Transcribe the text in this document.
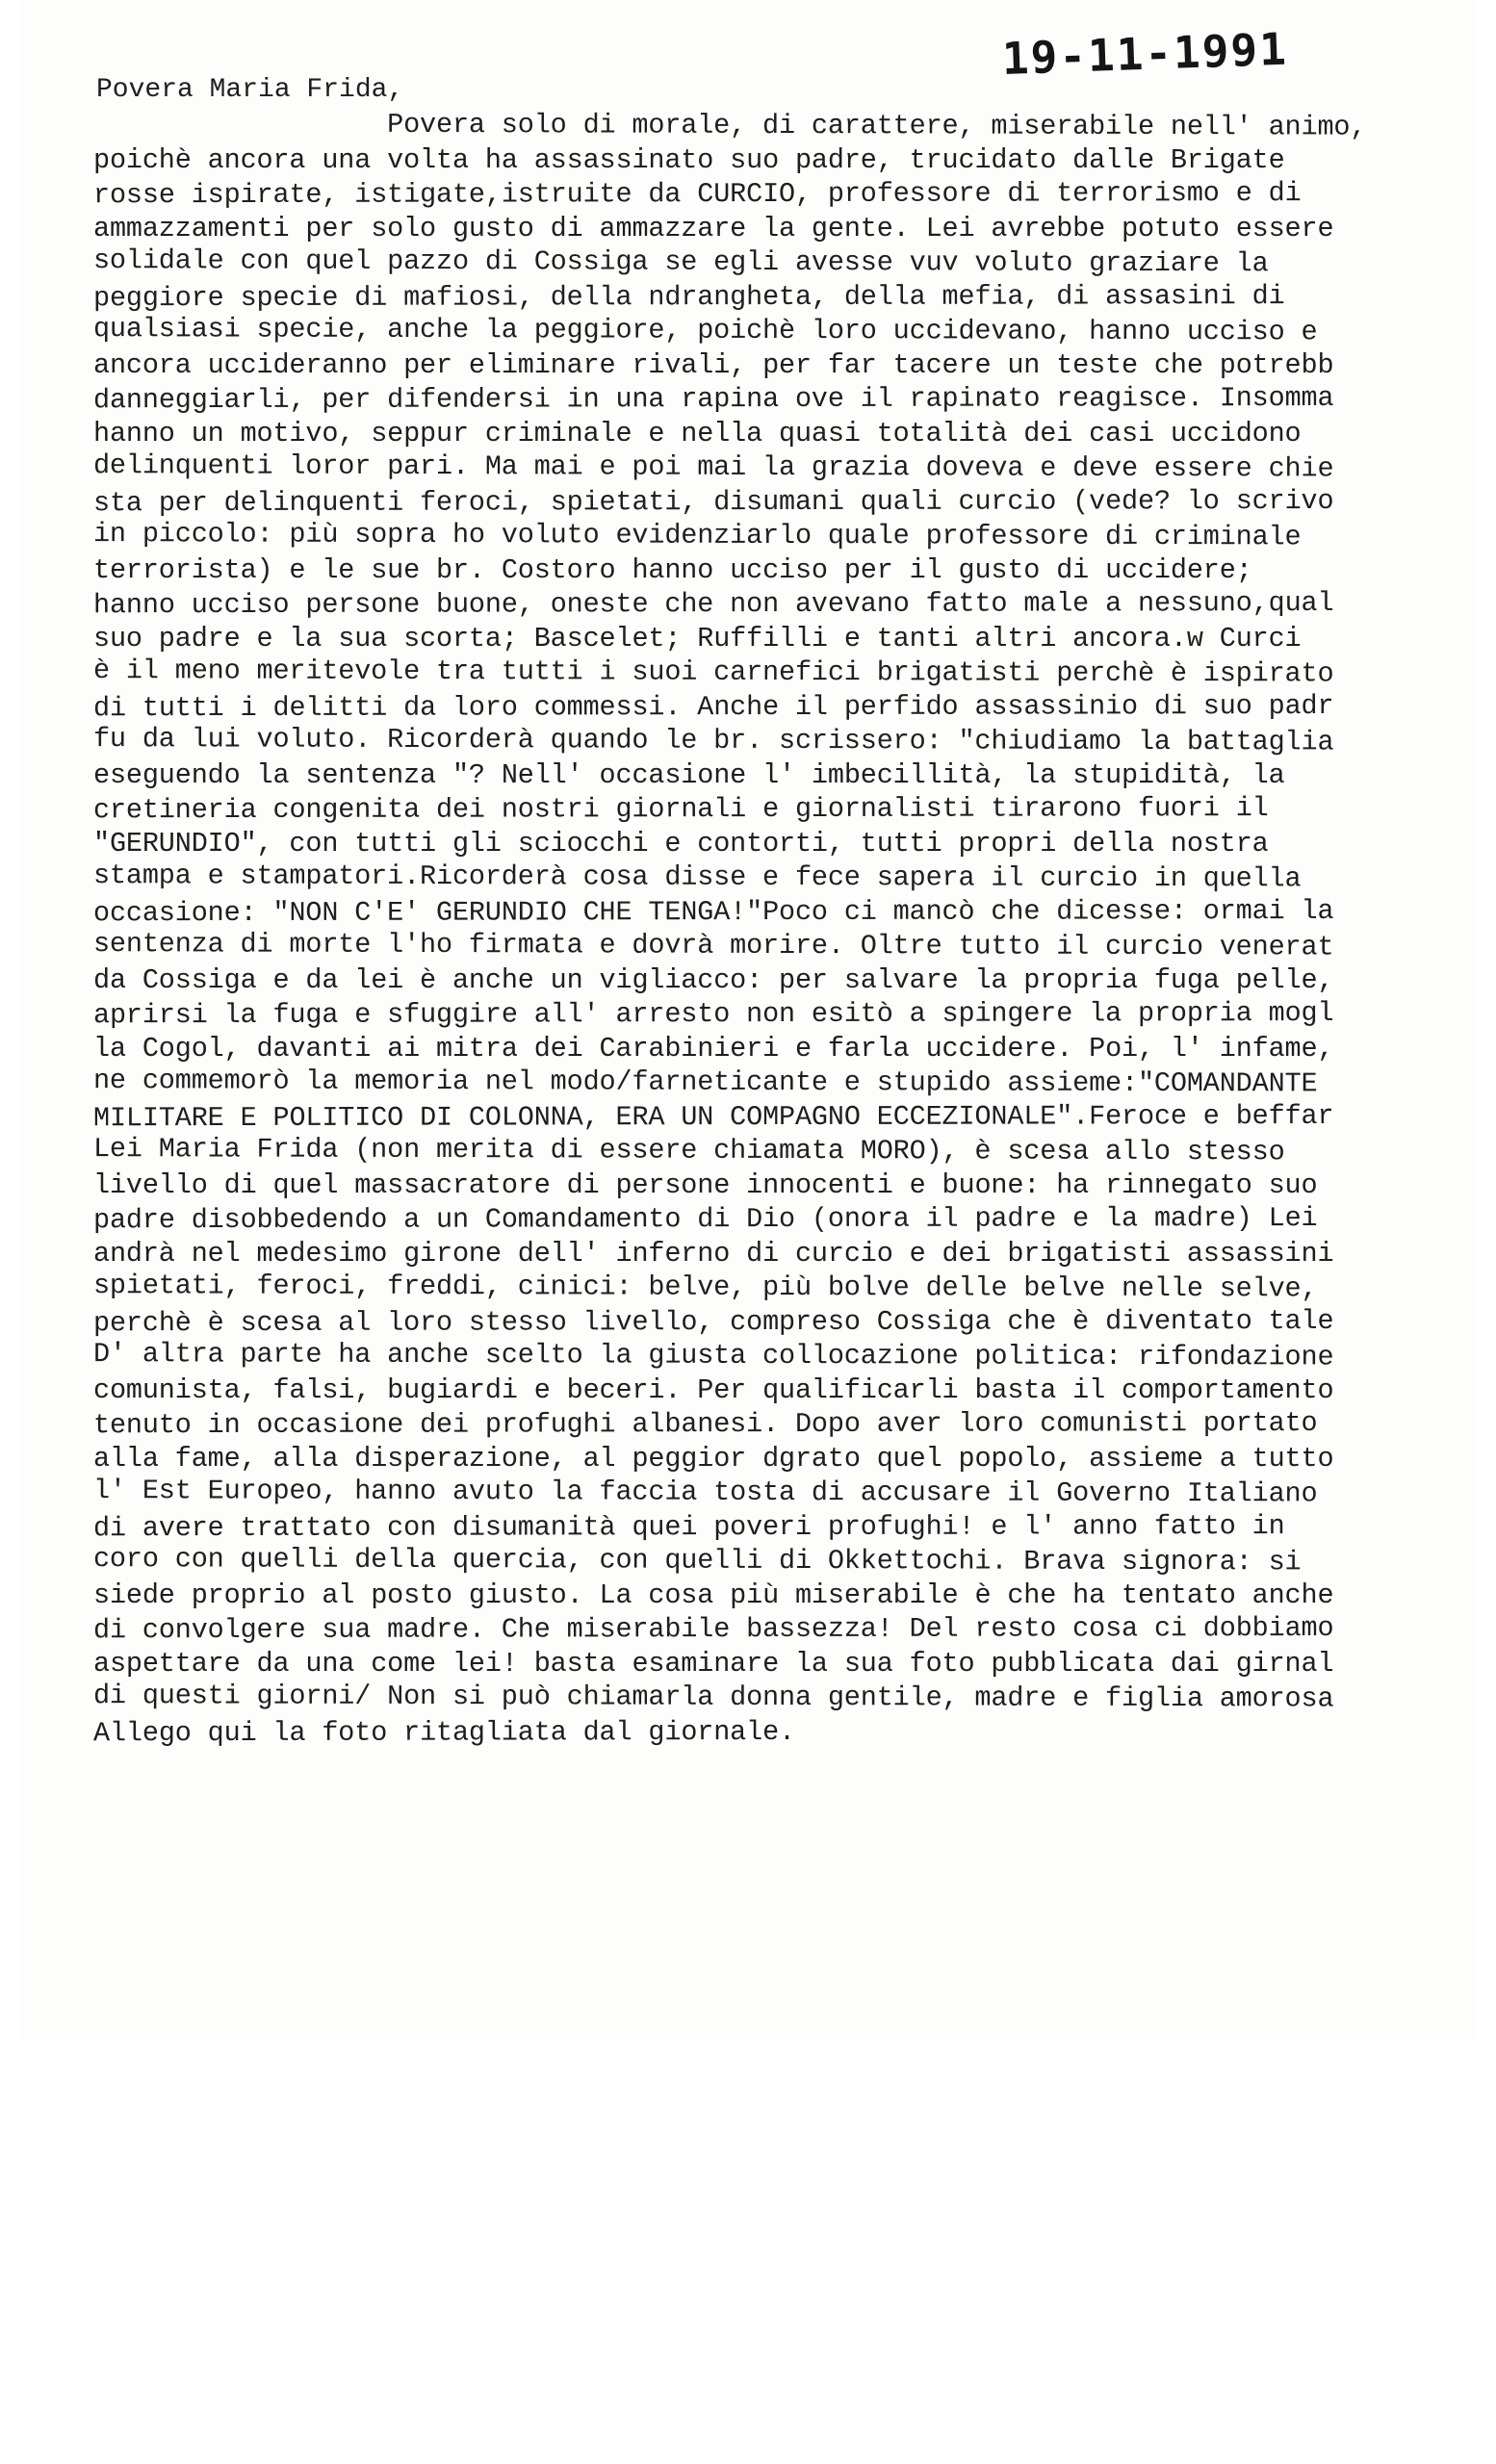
19-11-1991
Povera Maria Frida,
Povera solo di morale, di carattere, miserabile nell' animo,
poichè ancora una volta ha assassinato suo padre, trucidato dalle Brigate
rosse ispirate, istigate,istruite da CURCIO, professore di terrorismo e di
ammazzamenti per solo gusto di ammazzare la gente. Lei avrebbe potuto essere
solidale con quel pazzo di Cossiga se egli avesse vuv voluto graziare la
peggiore specie di mafiosi, della ndrangheta, della mefia, di assasini di
qualsiasi specie, anche la peggiore, poichè loro uccidevano, hanno ucciso e
ancora uccideranno per eliminare rivali, per far tacere un teste che potrebb
danneggiarli, per difendersi in una rapina ove il rapinato reagisce. Insomma
hanno un motivo, seppur criminale e nella quasi totalità dei casi uccidono
delinquenti loror pari. Ma mai e poi mai la grazia doveva e deve essere chie
sta per delinquenti feroci, spietati, disumani quali curcio (vede? lo scrivo
in piccolo: più sopra ho voluto evidenziarlo quale professore di criminale
terrorista) e le sue br. Costoro hanno ucciso per il gusto di uccidere;
hanno ucciso persone buone, oneste che non avevano fatto male a nessuno,qual
suo padre e la sua scorta; Bascelet; Ruffilli e tanti altri ancora.w Curci
è il meno meritevole tra tutti i suoi carnefici brigatisti perchè è ispirato
di tutti i delitti da loro commessi. Anche il perfido assassinio di suo padr
fu da lui voluto. Ricorderà quando le br. scrissero: "chiudiamo la battaglia
eseguendo la sentenza "? Nell' occasione l' imbecillità, la stupidità, la
cretineria congenita dei nostri giornali e giornalisti tirarono fuori il
"GERUNDIO", con tutti gli sciocchi e contorti, tutti propri della nostra
stampa e stampatori.Ricorderà cosa disse e fece sapera il curcio in quella
occasione: "NON C'E' GERUNDIO CHE TENGA!"Poco ci mancò che dicesse: ormai la
sentenza di morte l'ho firmata e dovrà morire. Oltre tutto il curcio venerat
da Cossiga e da lei è anche un vigliacco: per salvare la propria fuga pelle,
aprirsi la fuga e sfuggire all' arresto non esitò a spingere la propria mogl
la Cogol, davanti ai mitra dei Carabinieri e farla uccidere. Poi, l' infame,
ne commemorò la memoria nel modo/farneticante e stupido assieme:"COMANDANTE
MILITARE E POLITICO DI COLONNA, ERA UN COMPAGNO ECCEZIONALE".Feroce e beffar
Lei Maria Frida (non merita di essere chiamata MORO), è scesa allo stesso
livello di quel massacratore di persone innocenti e buone: ha rinnegato suo
padre disobbedendo a un Comandamento di Dio (onora il padre e la madre) Lei
andrà nel medesimo girone dell' inferno di curcio e dei brigatisti assassini
spietati, feroci, freddi, cinici: belve, più bolve delle belve nelle selve,
perchè è scesa al loro stesso livello, compreso Cossiga che è diventato tale
D' altra parte ha anche scelto la giusta collocazione politica: rifondazione
comunista, falsi, bugiardi e beceri. Per qualificarli basta il comportamento
tenuto in occasione dei profughi albanesi. Dopo aver loro comunisti portato
alla fame, alla disperazione, al peggior dgrato quel popolo, assieme a tutto
l' Est Europeo, hanno avuto la faccia tosta di accusare il Governo Italiano
di avere trattato con disumanità quei poveri profughi! e l' anno fatto in
coro con quelli della quercia, con quelli di Okkettochi. Brava signora: si
siede proprio al posto giusto. La cosa più miserabile è che ha tentato anche
di convolgere sua madre. Che miserabile bassezza! Del resto cosa ci dobbiamo
aspettare da una come lei! basta esaminare la sua foto pubblicata dai girnal
di questi giorni/ Non si può chiamarla donna gentile, madre e figlia amorosa
Allego qui la foto ritagliata dal giornale.
